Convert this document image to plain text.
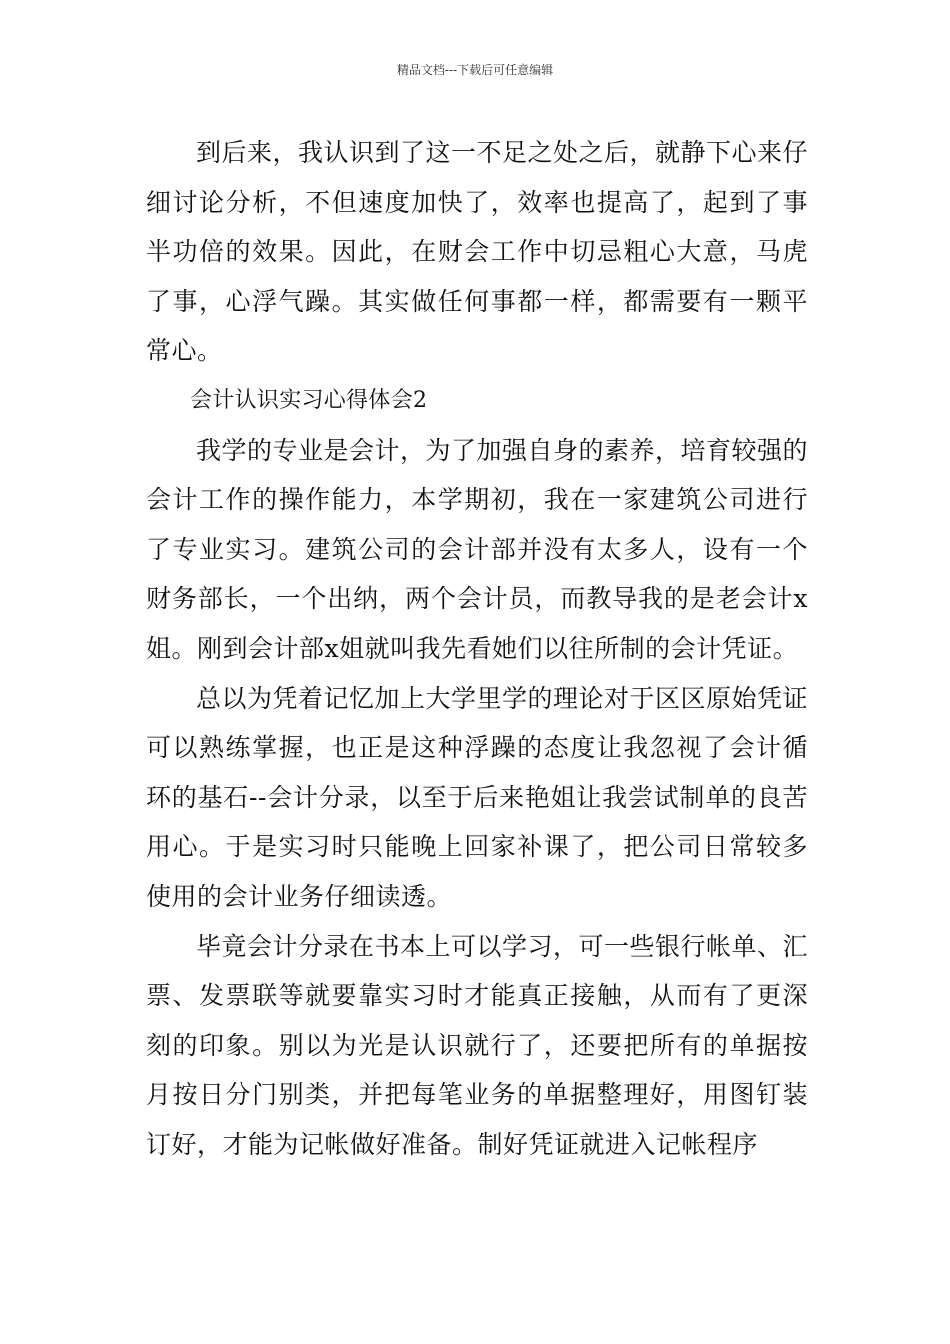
精品文档---下载后可任意编辑

到后来，我认识到了这一不足之处之后，就静下心来仔细讨论分析，不但速度加快了，效率也提高了，起到了事半功倍的效果。因此，在财会工作中切忌粗心大意，马虎了事，心浮气躁。其实做任何事都一样，都需要有一颗平常心。

会计认识实习心得体会2

我学的专业是会计，为了加强自身的素养，培育较强的会计工作的操作能力，本学期初，我在一家建筑公司进行了专业实习。建筑公司的会计部并没有太多人，设有一个财务部长，一个出纳，两个会计员，而教导我的是老会计x姐。刚到会计部x姐就叫我先看她们以往所制的会计凭证。

总以为凭着记忆加上大学里学的理论对于区区原始凭证可以熟练掌握，也正是这种浮躁的态度让我忽视了会计循环的基石--会计分录，以至于后来艳姐让我尝试制单的良苦用心。于是实习时只能晚上回家补课了，把公司日常较多使用的会计业务仔细读透。

毕竟会计分录在书本上可以学习，可一些银行帐单、汇票、发票联等就要靠实习时才能真正接触，从而有了更深刻的印象。别以为光是认识就行了，还要把所有的单据按月按日分门别类，并把每笔业务的单据整理好，用图钉装订好，才能为记帐做好准备。制好凭证就进入记帐程序
